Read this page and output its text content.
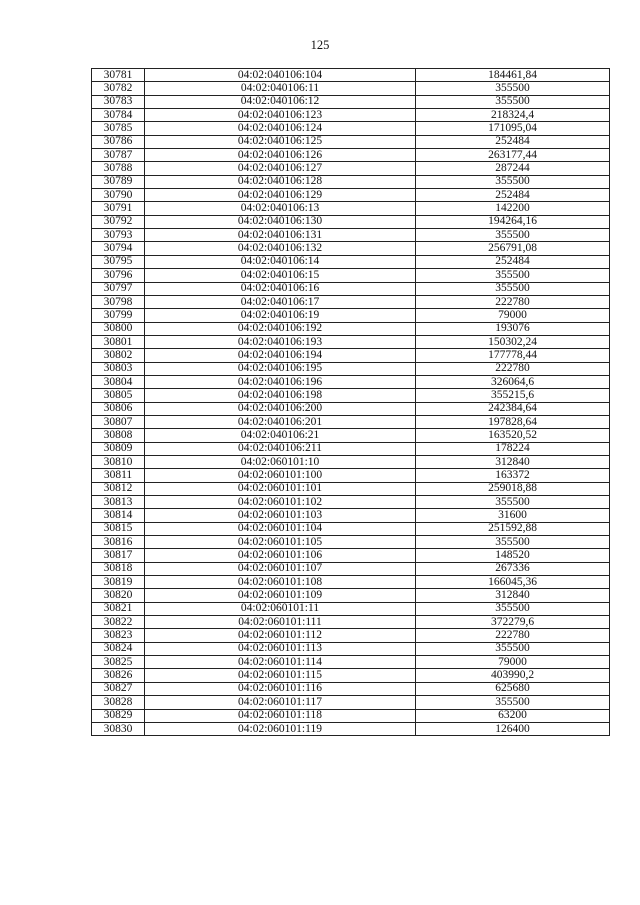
125
30781	04:02:040106:104	184461,84
30782	04:02:040106:11	355500
30783	04:02:040106:12	355500
30784	04:02:040106:123	218324,4
30785	04:02:040106:124	171095,04
30786	04:02:040106:125	252484
30787	04:02:040106:126	263177,44
30788	04:02:040106:127	287244
30789	04:02:040106:128	355500
30790	04:02:040106:129	252484
30791	04:02:040106:13	142200
30792	04:02:040106:130	194264,16
30793	04:02:040106:131	355500
30794	04:02:040106:132	256791,08
30795	04:02:040106:14	252484
30796	04:02:040106:15	355500
30797	04:02:040106:16	355500
30798	04:02:040106:17	222780
30799	04:02:040106:19	79000
30800	04:02:040106:192	193076
30801	04:02:040106:193	150302,24
30802	04:02:040106:194	177778,44
30803	04:02:040106:195	222780
30804	04:02:040106:196	326064,6
30805	04:02:040106:198	355215,6
30806	04:02:040106:200	242384,64
30807	04:02:040106:201	197828,64
30808	04:02:040106:21	163520,52
30809	04:02:040106:211	178224
30810	04:02:060101:10	312840
30811	04:02:060101:100	163372
30812	04:02:060101:101	259018,88
30813	04:02:060101:102	355500
30814	04:02:060101:103	31600
30815	04:02:060101:104	251592,88
30816	04:02:060101:105	355500
30817	04:02:060101:106	148520
30818	04:02:060101:107	267336
30819	04:02:060101:108	166045,36
30820	04:02:060101:109	312840
30821	04:02:060101:11	355500
30822	04:02:060101:111	372279,6
30823	04:02:060101:112	222780
30824	04:02:060101:113	355500
30825	04:02:060101:114	79000
30826	04:02:060101:115	403990,2
30827	04:02:060101:116	625680
30828	04:02:060101:117	355500
30829	04:02:060101:118	63200
30830	04:02:060101:119	126400
